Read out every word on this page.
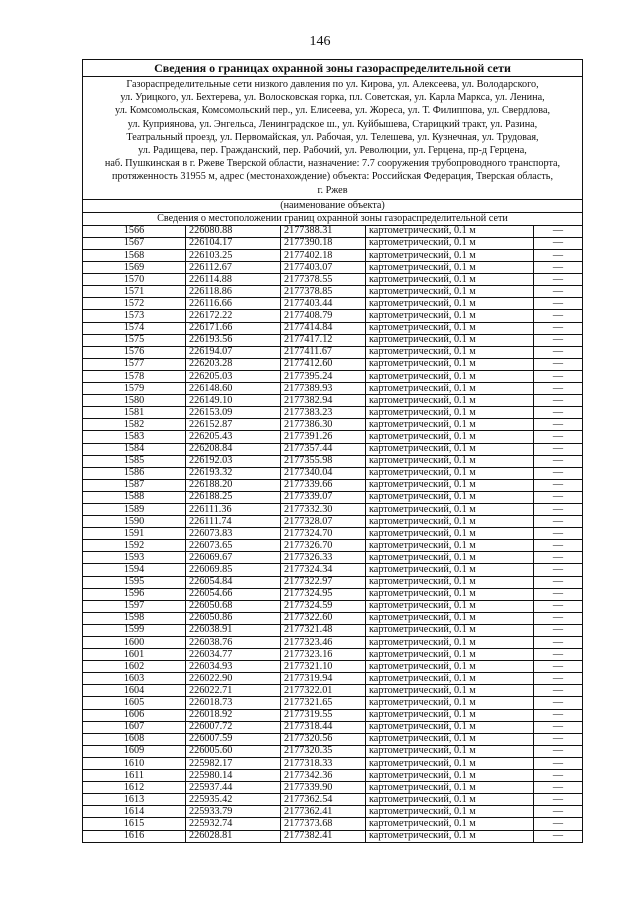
146
Сведения о границах охранной зоны газораспределительной сети
Газораспределительные сети низкого давления по ул. Кирова, ул. Алексеева, ул. Володарского,
ул. Урицкого, ул. Бехтерева, ул. Волосковская горка, пл. Советская, ул. Карла Маркса, ул. Ленина,
ул. Комсомольская, Комсомольский пер., ул. Елисеева, ул. Жореса, ул. Т. Филиппова, ул. Свердлова,
ул. Куприянова, ул. Энгельса, Ленинградское ш., ул. Куйбышева, Старицкий тракт, ул. Разина,
Театральный проезд, ул. Первомайская, ул. Рабочая, ул. Телешева, ул. Кузнечная, ул. Трудовая,
ул. Радищева, пер. Гражданский, пер. Рабочий, ул. Революции, ул. Герцена, пр-д Герцена,
наб. Пушкинская в г. Ржеве Тверской области, назначение: 7.7 сооружения трубопроводного транспорта,
протяженность 31955 м, адрес (местонахождение) объекта: Российская Федерация, Тверская область,
г. Ржев
(наименование объекта)
Сведения о местоположении границ охранной зоны газораспределительной сети
1566	226080.88	2177388.31	картометрический, 0.1 м	—
1567	226104.17	2177390.18	картометрический, 0.1 м	—
1568	226103.25	2177402.18	картометрический, 0.1 м	—
1569	226112.67	2177403.07	картометрический, 0.1 м	—
1570	226114.88	2177378.55	картометрический, 0.1 м	—
1571	226118.86	2177378.85	картометрический, 0.1 м	—
1572	226116.66	2177403.44	картометрический, 0.1 м	—
1573	226172.22	2177408.79	картометрический, 0.1 м	—
1574	226171.66	2177414.84	картометрический, 0.1 м	—
1575	226193.56	2177417.12	картометрический, 0.1 м	—
1576	226194.07	2177411.67	картометрический, 0.1 м	—
1577	226203.28	2177412.60	картометрический, 0.1 м	—
1578	226205.03	2177395.24	картометрический, 0.1 м	—
1579	226148.60	2177389.93	картометрический, 0.1 м	—
1580	226149.10	2177382.94	картометрический, 0.1 м	—
1581	226153.09	2177383.23	картометрический, 0.1 м	—
1582	226152.87	2177386.30	картометрический, 0.1 м	—
1583	226205.43	2177391.26	картометрический, 0.1 м	—
1584	226208.84	2177357.44	картометрический, 0.1 м	—
1585	226192.03	2177355.98	картометрический, 0.1 м	—
1586	226193.32	2177340.04	картометрический, 0.1 м	—
1587	226188.20	2177339.66	картометрический, 0.1 м	—
1588	226188.25	2177339.07	картометрический, 0.1 м	—
1589	226111.36	2177332.30	картометрический, 0.1 м	—
1590	226111.74	2177328.07	картометрический, 0.1 м	—
1591	226073.83	2177324.70	картометрический, 0.1 м	—
1592	226073.65	2177326.70	картометрический, 0.1 м	—
1593	226069.67	2177326.33	картометрический, 0.1 м	—
1594	226069.85	2177324.34	картометрический, 0.1 м	—
1595	226054.84	2177322.97	картометрический, 0.1 м	—
1596	226054.66	2177324.95	картометрический, 0.1 м	—
1597	226050.68	2177324.59	картометрический, 0.1 м	—
1598	226050.86	2177322.60	картометрический, 0.1 м	—
1599	226038.91	2177321.48	картометрический, 0.1 м	—
1600	226038.76	2177323.46	картометрический, 0.1 м	—
1601	226034.77	2177323.16	картометрический, 0.1 м	—
1602	226034.93	2177321.10	картометрический, 0.1 м	—
1603	226022.90	2177319.94	картометрический, 0.1 м	—
1604	226022.71	2177322.01	картометрический, 0.1 м	—
1605	226018.73	2177321.65	картометрический, 0.1 м	—
1606	226018.92	2177319.55	картометрический, 0.1 м	—
1607	226007.72	2177318.44	картометрический, 0.1 м	—
1608	226007.59	2177320.56	картометрический, 0.1 м	—
1609	226005.60	2177320.35	картометрический, 0.1 м	—
1610	225982.17	2177318.33	картометрический, 0.1 м	—
1611	225980.14	2177342.36	картометрический, 0.1 м	—
1612	225937.44	2177339.90	картометрический, 0.1 м	—
1613	225935.42	2177362.54	картометрический, 0.1 м	—
1614	225933.79	2177362.41	картометрический, 0.1 м	—
1615	225932.74	2177373.68	картометрический, 0.1 м	—
1616	226028.81	2177382.41	картометрический, 0.1 м	—
